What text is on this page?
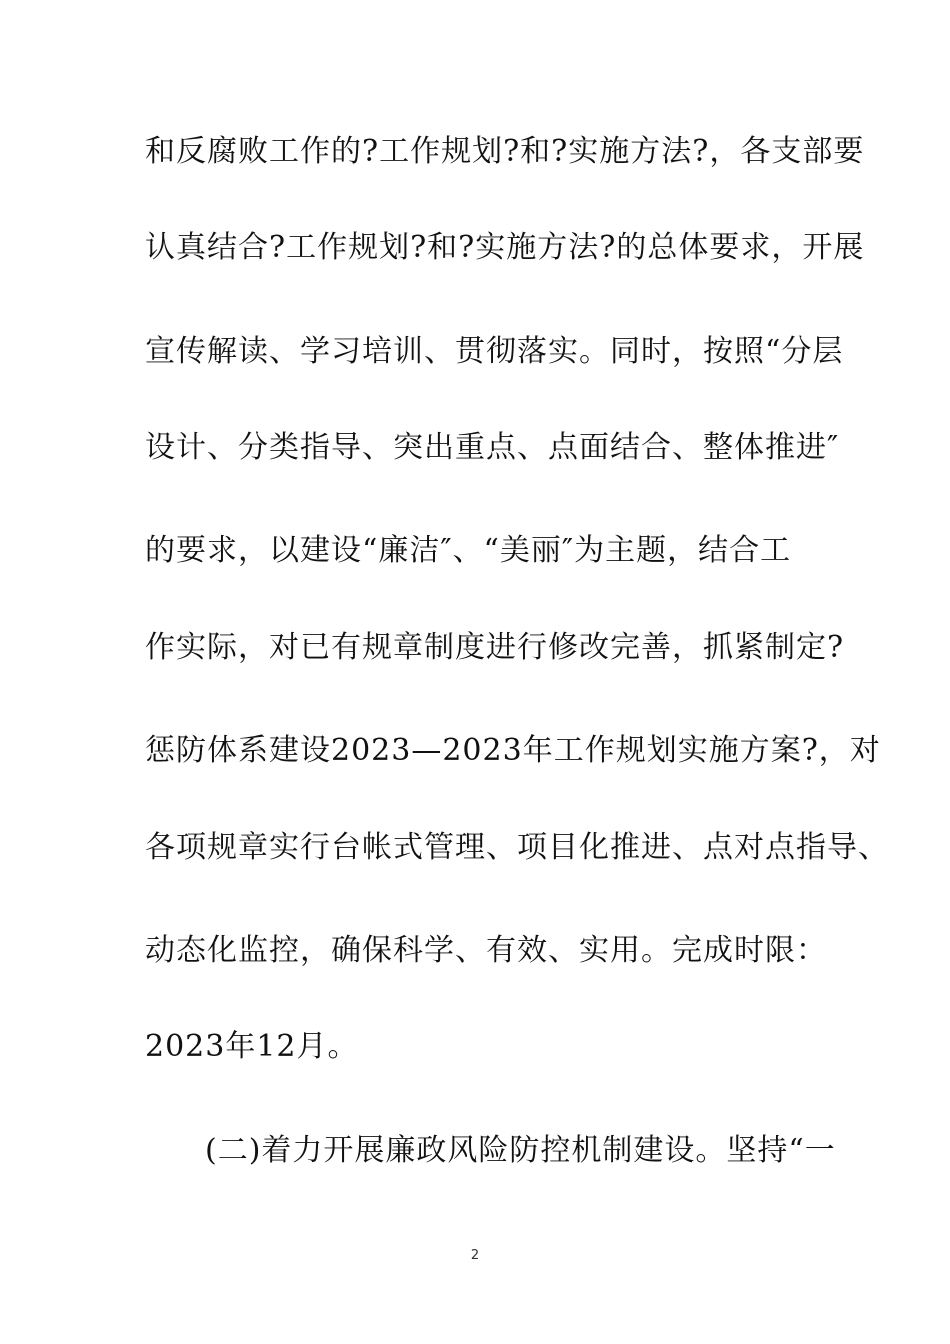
和反腐败工作的?工作规划?和?实施方法?，各支部要
认真结合?工作规划?和?实施方法?的总体要求，开展
宣传解读、学习培训、贯彻落实。同时，按照“分层
设计、分类指导、突出重点、点面结合、整体推进″
的要求，以建设“廉洁″、“美丽″为主题，结合工
作实际，对已有规章制度进行修改完善，抓紧制定?
惩防体系建设2023—2023年工作规划实施方案?，对
各项规章实行台帐式管理、项目化推进、点对点指导、
动态化监控，确保科学、有效、实用。完成时限：
2023年12月。
(二)着力开展廉政风险防控机制建设。坚持“一
2
